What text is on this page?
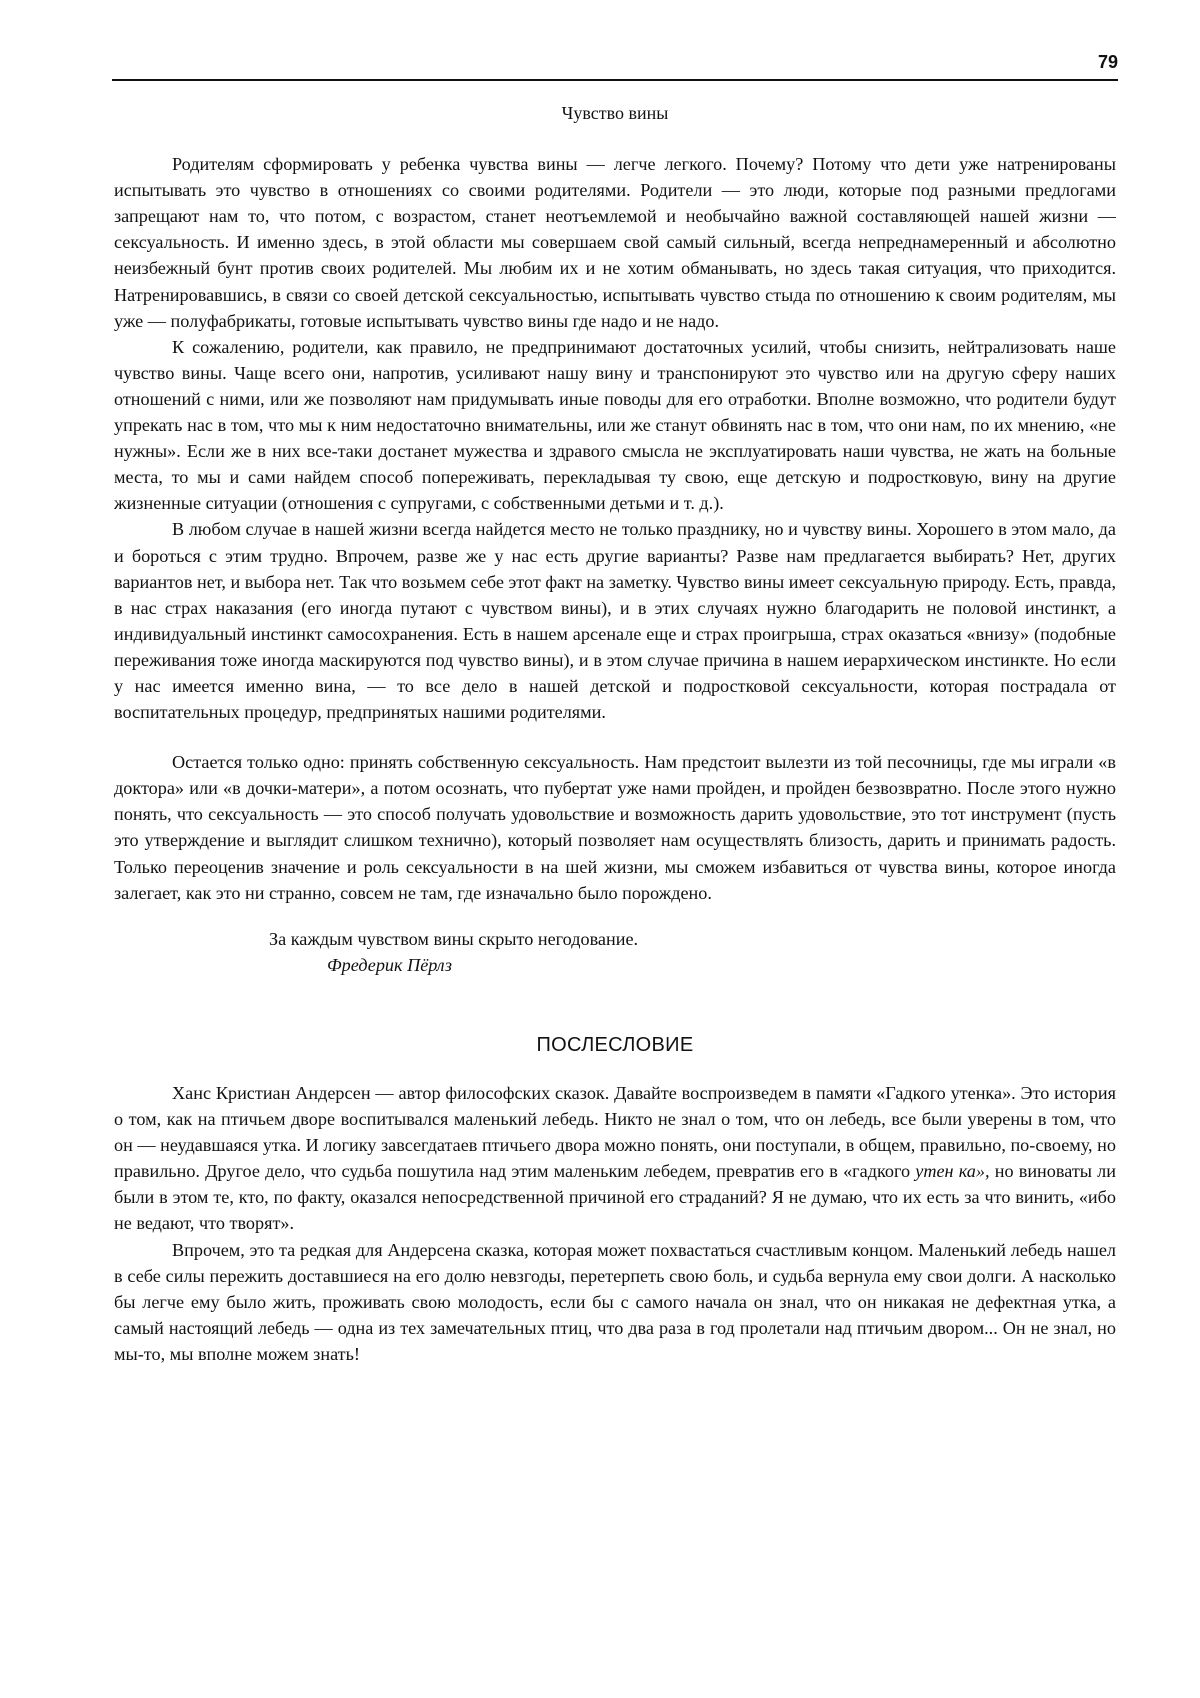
79
Чувство вины

Родителям сформировать у ребенка чувства вины — легче легкого. Почему? Потому что дети уже натренированы испытывать это чувство в отношениях со своими родителями. Родители — это люди, которые под разными предлогами запрещают нам то, что потом, с возрастом, станет неотъемлемой и необычайно важной составляющей нашей жизни — сексуальность. И именно здесь, в этой области мы совершаем свой самый сильный, всегда непреднамеренный и абсолютно неизбежный бунт против своих родителей. Мы любим их и не хотим обманывать, но здесь такая ситуация, что приходится. Натренировавшись, в связи со своей детской сексуальностью, испытывать чувство стыда по отношению к своим родителям, мы уже — полуфабрикаты, готовые испытывать чувство вины где надо и не надо.

К сожалению, родители, как правило, не предпринимают достаточных усилий, чтобы снизить, нейтрализовать наше чувство вины. Чаще всего они, напротив, усиливают нашу вину и транспонируют это чувство или на другую сферу наших отношений с ними, или же позволяют нам придумывать иные поводы для его отработки. Вполне возможно, что родители будут упрекать нас в том, что мы к ним недостаточно внимательны, или же станут обвинять нас в том, что они нам, по их мнению, «не нужны». Если же в них все-таки достанет мужества и здравого смысла не эксплуатировать наши чувства, не жать на больные места, то мы и сами найдем способ попереживать, перекладывая ту свою, еще детскую и подростковую, вину на другие жизненные ситуации (отношения с супругами, с собственными детьми и т. д.).

В любом случае в нашей жизни всегда найдется место не только празднику, но и чувству вины. Хорошего в этом мало, да и бороться с этим трудно. Впрочем, разве же у нас есть другие варианты? Разве нам предлагается выбирать? Нет, других вариантов нет, и выбора нет. Так что возьмем себе этот факт на заметку. Чувство вины имеет сексуальную природу. Есть, правда, в нас страх наказания (его иногда путают с чувством вины), и в этих случаях нужно благодарить не половой инстинкт, а индивидуальный инстинкт самосохранения. Есть в нашем арсенале еще и страх проигрыша, страх оказаться «внизу» (подобные переживания тоже иногда маскируются под чувство вины), и в этом случае причина в нашем иерархическом инстинкте. Но если у нас имеется именно вина, — то все дело в нашей детской и подростковой сексуальности, которая пострадала от воспитательных процедур, предпринятых нашими родителями.

Остается только одно: принять собственную сексуальность. Нам предстоит вылезти из той песочницы, где мы играли «в доктора» или «в дочки-матери», а потом осознать, что пубертат уже нами пройден, и пройден безвозвратно. После этого нужно понять, что сексуальность — это способ получать удовольствие и возможность дарить удовольствие, это тот инструмент (пусть это утверждение и выглядит слишком технично), который позволяет нам осуществлять близость, дарить и принимать радость. Только переоценив значение и роль сексуальности в на шей жизни, мы сможем избавиться от чувства вины, которое иногда залегает, как это ни странно, совсем не там, где изначально было порождено.

За каждым чувством вины скрыто негодование.
Фредерик Пёрлз
ПОСЛЕСЛОВИЕ

Ханс Кристиан Андерсен — автор философских сказок. Давайте воспроизведем в памяти «Гадкого утенка». Это история о том, как на птичьем дворе воспитывался маленький лебедь. Никто не знал о том, что он лебедь, все были уверены в том, что он — неудавшаяся утка. И логику завсегдатаев птичьего двора можно понять, они поступали, в общем, правильно, по-своему, но правильно. Другое дело, что судьба пошутила над этим маленьким лебедем, превратив его в «гадкого утен ка», но виноваты ли были в этом те, кто, по факту, оказался непосредственной причиной его страданий? Я не думаю, что их есть за что винить, «ибо не ведают, что творят».

Впрочем, это та редкая для Андерсена сказка, которая может похвастаться счастливым концом. Маленький лебедь нашел в себе силы пережить доставшиеся на его долю невзгоды, перетерпеть свою боль, и судьба вернула ему свои долги. А насколько бы легче ему было жить, проживать свою молодость, если бы с самого начала он знал, что он никакая не дефектная утка, а самый настоящий лебедь — одна из тех замечательных птиц, что два раза в год пролетали над птичьим двором... Он не знал, но мы-то, мы вполне можем знать!
